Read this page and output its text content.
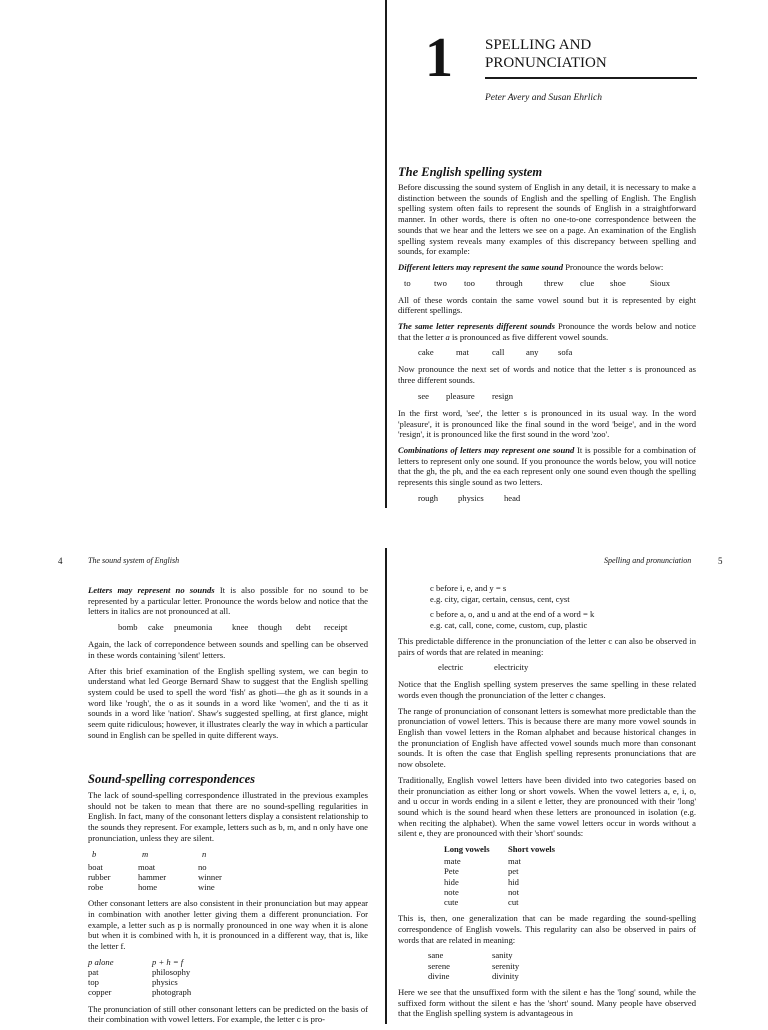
1 SPELLING AND
PRONUNCIATION
Peter Avery and Susan Ehrlich
The English spelling system

Before discussing the sound system of English in any detail, it is necessary to make a distinction between the sounds of English and the spelling of English. The English spelling system often fails to represent the sounds of English in a straightforward manner. In other words, there is often no one-to-one correspondence between the sounds that we hear and the letters we see on a page. An examination of the English spelling system reveals many examples of this discrepancy between spelling and sounds, for example:

Different letters may represent the same sound Pronounce the words below:

to	two	too	through	threw	clue	shoe	Sioux

All of these words contain the same vowel sound but it is represented by eight different spellings.

The same letter represents different sounds Pronounce the words below and notice that the letter a is pronounced as five different vowel sounds.

cake	mat	call	any	sofa

Now pronounce the next set of words and notice that the letter s is pronounced as three different sounds.

see	pleasure	resign

In the first word, 'see', the letter s is pronounced in its usual way. In the word 'pleasure', it is pronounced like the final sound in the word 'beige', and in the word 'resign', it is pronounced like the first sound in the word 'zoo'.

Combinations of letters may represent one sound It is possible for a combination of letters to represent only one sound. If you pronounce the words below, you will notice that the gh, the ph, and the ea each represent only one sound even though the spelling represents this single sound as two letters.

rough	physics	head
4	The sound system of English

Letters may represent no sounds It is also possible for no sound to be represented by a particular letter. Pronounce the words below and notice that the letters in italics are not pronounced at all.

bomb	cake	pneumonia	knee	though	debt	receipt

Again, the lack of correpondence between sounds and spelling can be observed in these words containing 'silent' letters.

After this brief examination of the English spelling system, we can begin to understand what led George Bernard Shaw to suggest that the English spelling system could be used to spell the word 'fish' as ghoti—the gh as it sounds in a word like 'rough', the o as it sounds in a word like 'women', and the ti as it sounds in a word like 'nation'. Shaw's suggested spelling, at first glance, might seem quite ridiculous; however, it illustrates clearly the way in which a particular sound in English can be spelled in quite different ways.

Sound-spelling correspondences

The lack of sound-spelling correspondence illustrated in the previous examples should not be taken to mean that there are no sound-spelling regularities in English. In fact, many of the consonant letters display a consistent relationship to the sounds they represent. For example, letters such as b, m, and n only have one pronunciation, unless they are silent.

b	m	n
boat	moat	no
rubber	hammer	winner
robe	home	wine

Other consonant letters are also consistent in their pronunciation but may appear in combination with another letter giving them a different pronunciation. For example, a letter such as p is normally pronounced in one way when it is alone but when it is combined with h, it is pronounced in a different way, that is, like the letter f.

p alone	p + h = f
pat	philosophy
top	physics
copper	photograph

The pronunciation of still other consonant letters can be predicted on the basis of their combination with vowel letters. For example, the letter c is pro-

Spelling and pronunciation	5
c before i, e, and y = s
e.g. city, cigar, certain, census, cent, cyst
c before a, o, and u and at the end of a word = k
e.g. cat, call, cone, come, custom, cup, plastic

This predictable difference in the pronunciation of the letter c can also be observed in pairs of words that are related in meaning:

electric	electricity

Notice that the English spelling system preserves the same spelling in these related words even though the pronunciation of the letter c changes.

The range of pronunciation of consonant letters is somewhat more predictable than the pronunciation of vowel letters. This is because there are many more vowel sounds in English than vowel letters in the Roman alphabet and because historical changes in the pronunciation of English have affected vowel sounds much more than consonant sounds. It is often the case that English spelling represents pronunciations that are now obsolete.

Traditionally, English vowel letters have been divided into two categories based on their pronunciation as either long or short vowels. When the vowel letters a, e, i, o, and u occur in words ending in a silent e letter, they are pronounced with their 'long' sound which is the sound heard when these letters are pronounced in isolation (e.g. when reciting the alphabet). When the same vowel letters occur in words without a silent e, they are pronounced with their 'short' sounds:

Long vowels	Short vowels
mate	mat
Pete	pet
hide	hid
note	not
cute	cut

This is, then, one generalization that can be made regarding the sound-spelling correspondence of English vowels. This regularity can also be observed in pairs of words that are related in meaning:

sane	sanity
serene	serenity
divine	divinity

Here we see that the unsuffixed form with the silent e has the 'long' sound, while the suffixed form without the silent e has the 'short' sound. Many people have observed that the English spelling system is advantageous in
